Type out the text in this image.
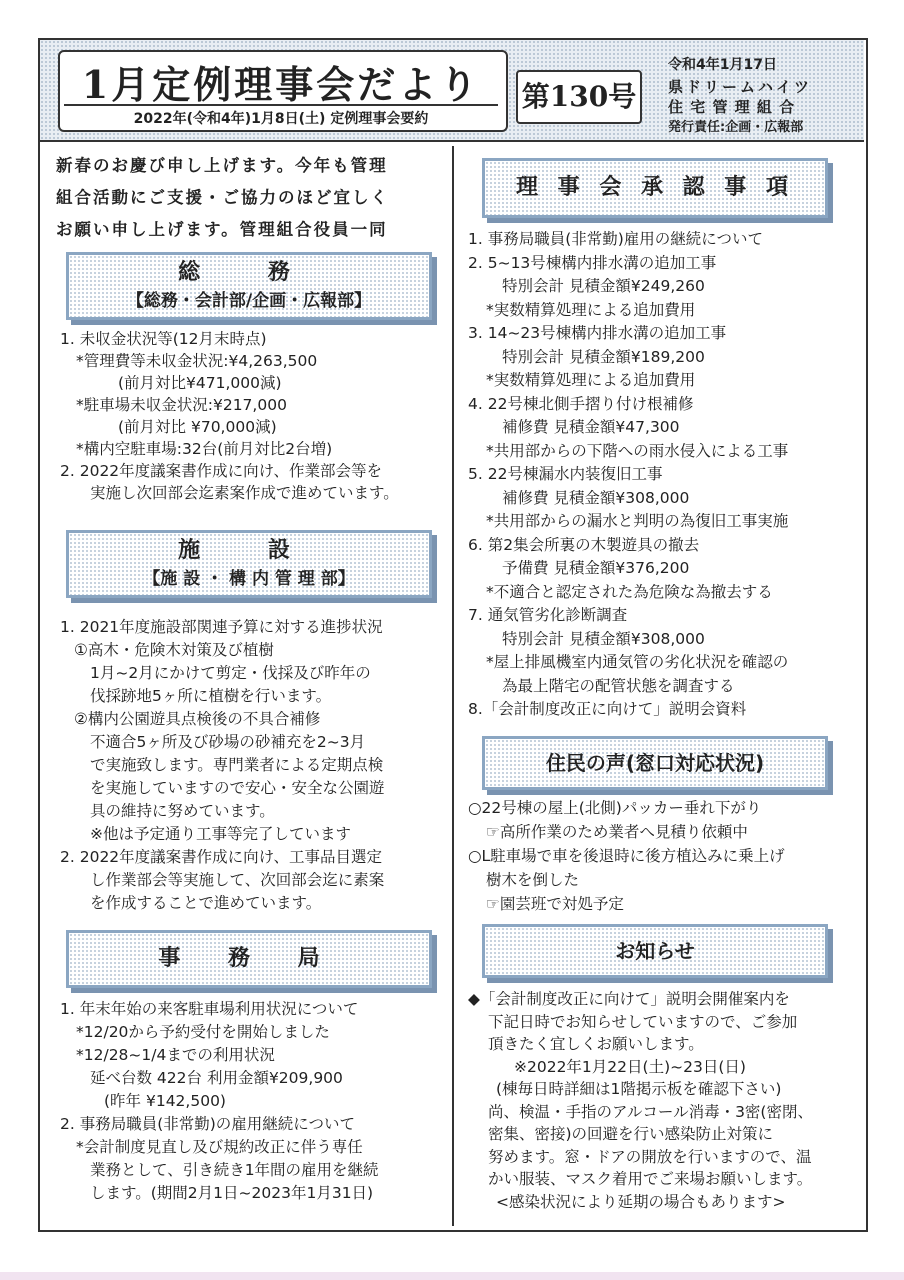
1月定例理事会だより
2022年(令和4年)1月8日(土) 定例理事会要約
第130号
令和4年1月17日
県ドリームハイツ
住 宅 管 理 組 合
発行責任:企画・広報部
新春のお慶び申し上げます。今年も管理
組合活動にご支援・ご協力のほど宜しく
お願い申し上げます。管理組合役員一同
総 務
【総務・会計部/企画・広報部】
1. 未収金状況等(12月末時点)
*管理費等未収金状況:¥4,263,500
(前月対比¥471,000減)
*駐車場未収金状況:¥217,000
(前月対比 ¥70,000減)
*構内空駐車場:32台(前月対比2台増)
2. 2022年度議案書作成に向け、作業部会等を
実施し次回部会迄素案作成で進めています。
施 設
【施 設 ・ 構 内 管 理 部】
1. 2021年度施設部関連予算に対する進捗状況
①高木・危険木対策及び植樹
1月~2月にかけて剪定・伐採及び昨年の
伐採跡地5ヶ所に植樹を行います。
②構内公園遊具点検後の不具合補修
不適合5ヶ所及び砂場の砂補充を2~3月
で実施致します。専門業者による定期点検
を実施していますので安心・安全な公園遊
具の維持に努めています。
※他は予定通り工事等完了しています
2. 2022年度議案書作成に向け、工事品目選定
し作業部会等実施して、次回部会迄に素案
を作成することで進めています。
事 務 局
1. 年末年始の来客駐車場利用状況について
*12/20から予約受付を開始しました
*12/28~1/4までの利用状況
延べ台数 422台 利用金額¥209,900
(昨年 ¥142,500)
2. 事務局職員(非常勤)の雇用継続について
*会計制度見直し及び規約改正に伴う専任
業務として、引き続き1年間の雇用を継続
します。(期間2月1日~2023年1月31日)
理 事 会 承 認 事 項
1. 事務局職員(非常勤)雇用の継続について
2. 5~13号棟構内排水溝の追加工事
特別会計 見積金額¥249,260
*実数精算処理による追加費用
3. 14~23号棟構内排水溝の追加工事
特別会計 見積金額¥189,200
*実数精算処理による追加費用
4. 22号棟北側手摺り付け根補修
補修費 見積金額¥47,300
*共用部からの下階への雨水侵入による工事
5. 22号棟漏水内装復旧工事
補修費 見積金額¥308,000
*共用部からの漏水と判明の為復旧工事実施
6. 第2集会所裏の木製遊具の撤去
予備費 見積金額¥376,200
*不適合と認定された為危険な為撤去する
7. 通気管劣化診断調査
特別会計 見積金額¥308,000
*屋上排風機室内通気管の劣化状況を確認の
為最上階宅の配管状態を調査する
8.「会計制度改正に向けて」説明会資料
住民の声(窓口対応状況)
○22号棟の屋上(北側)パッカー垂れ下がり
☞高所作業のため業者へ見積り依頼中
○L駐車場で車を後退時に後方植込みに乗上げ
樹木を倒した
☞園芸班で対処予定
お知らせ
◆「会計制度改正に向けて」説明会開催案内を
下記日時でお知らせしていますので、ご参加
頂きたく宜しくお願いします。
※2022年1月22日(土)~23日(日)
(棟毎日時詳細は1階掲示板を確認下さい)
尚、検温・手指のアルコール消毒・3密(密閉、
密集、密接)の回避を行い感染防止対策に
努めます。窓・ドアの開放を行いますので、温
かい服装、マスク着用でご来場お願いします。
<感染状況により延期の場合もあります>
